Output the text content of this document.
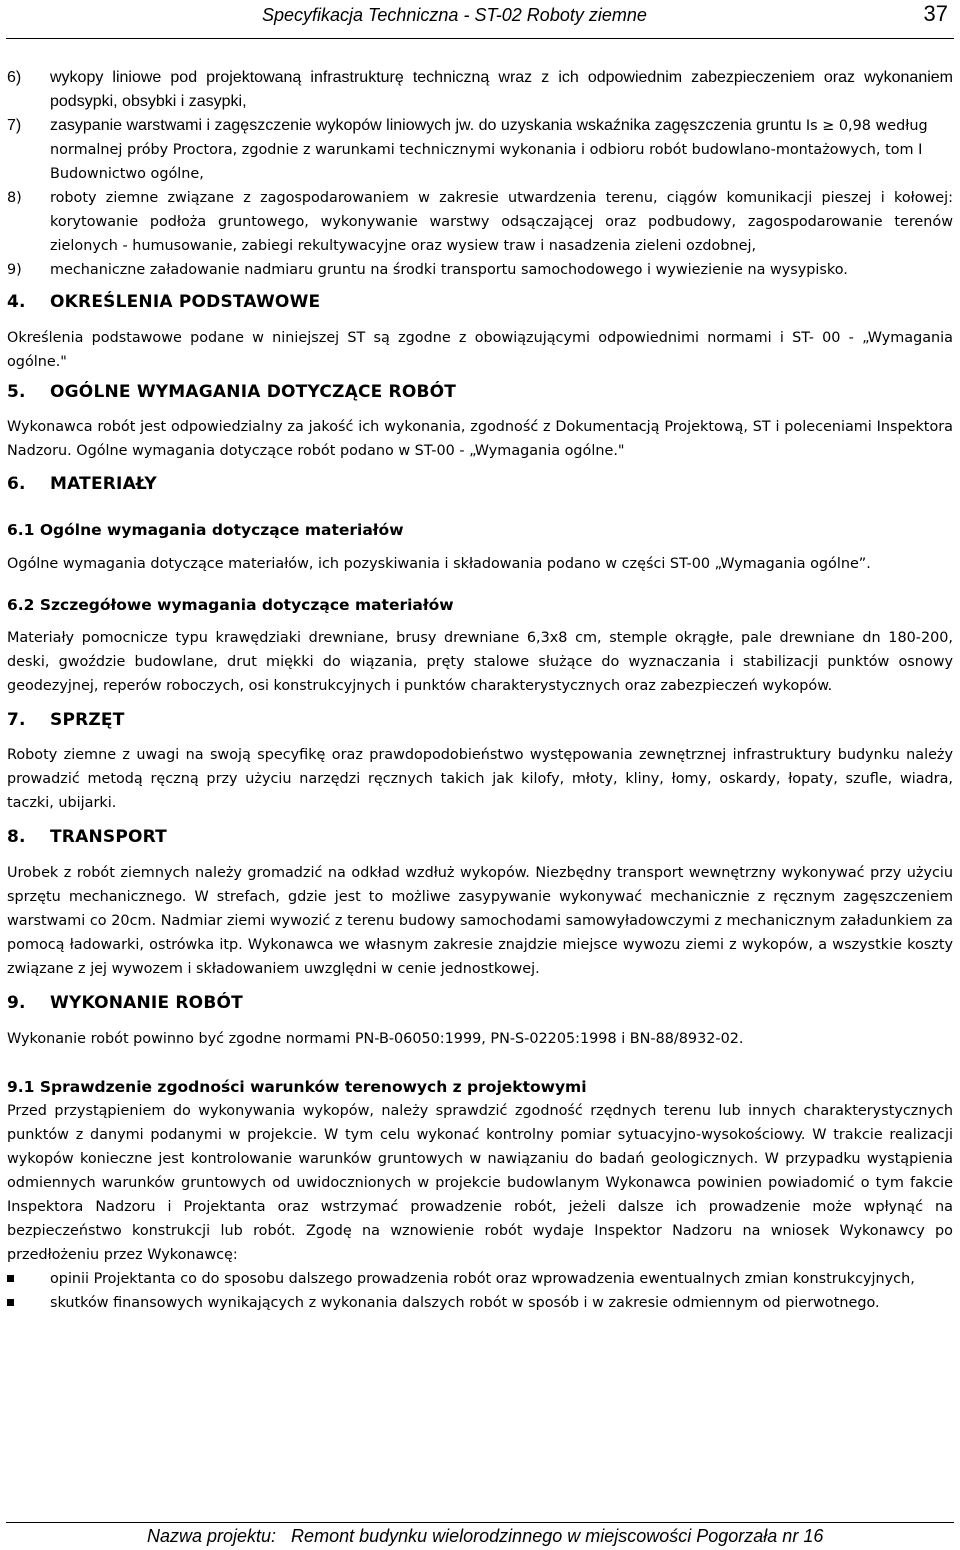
Specyfikacja Techniczna - ST-02 Roboty ziemne	37
6)	wykopy liniowe pod projektowaną infrastrukturę techniczną wraz z ich odpowiednim zabezpieczeniem oraz wykonaniem podsypki, obsybki i zasypki,
7)	zasypanie warstwami i zagęszczenie wykopów liniowych jw. do uzyskania wskaźnika zagęszczenia gruntu Is ≥ 0,98 według normalnej próby Proctora, zgodnie z warunkami technicznymi wykonania i odbioru robót budowlano-montażowych, tom I Budownictwo ogólne,
8)	roboty ziemne związane z zagospodarowaniem w zakresie utwardzenia terenu, ciągów komunikacji pieszej i kołowej: korytowanie podłoża gruntowego, wykonywanie warstwy odsączającej oraz podbudowy, zagospodarowanie terenów zielonych - humusowanie, zabiegi rekultywacyjne oraz wysiew traw i nasadzenia zieleni ozdobnej,
9)	mechaniczne załadowanie nadmiaru gruntu na środki transportu samochodowego i wywiezienie na wysypisko.
4.	OKREŚLENIA PODSTAWOWE

Określenia podstawowe podane w niniejszej ST są zgodne z obowiązującymi odpowiednimi normami i ST- 00 - „Wymagania ogólne."

5.	OGÓLNE WYMAGANIA DOTYCZĄCE ROBÓT

Wykonawca robót jest odpowiedzialny za jakość ich wykonania, zgodność z Dokumentacją Projektową, ST i poleceniami Inspektora Nadzoru. Ogólne wymagania dotyczące robót podano w ST-00 - „Wymagania ogólne."

6.	MATERIAŁY
6.1 Ogólne wymagania dotyczące materiałów

Ogólne wymagania dotyczące materiałów, ich pozyskiwania i składowania podano w części ST-00 „Wymagania ogólne”.

6.2 Szczegółowe wymagania dotyczące materiałów

Materiały pomocnicze typu krawędziaki drewniane, brusy drewniane 6,3x8 cm, stemple okrągłe, pale drewniane dn 180-200, deski, gwoździe budowlane, drut miękki do wiązania, pręty stalowe służące do wyznaczania i stabilizacji punktów osnowy geodezyjnej, reperów roboczych, osi konstrukcyjnych i punktów charakterystycznych oraz zabezpieczeń wykopów.

7.	SPRZĘT

Roboty ziemne z uwagi na swoją specyfikę oraz prawdopodobieństwo występowania zewnętrznej infrastruktury budynku należy prowadzić metodą ręczną przy użyciu narzędzi ręcznych takich jak kilofy, młoty, kliny, łomy, oskardy, łopaty, szufle, wiadra, taczki, ubijarki.

8.	TRANSPORT

Urobek z robót ziemnych należy gromadzić na odkład wzdłuż wykopów. Niezbędny transport wewnętrzny wykonywać przy użyciu sprzętu mechanicznego. W strefach, gdzie jest to możliwe zasypywanie wykonywać mechanicznie z ręcznym zagęszczeniem warstwami co 20cm. Nadmiar ziemi wywozić z terenu budowy samochodami samowyładowczymi z mechanicznym załadunkiem za pomocą ładowarki, ostrówka itp. Wykonawca we własnym zakresie znajdzie miejsce wywozu ziemi z wykopów, a wszystkie koszty związane z jej wywozem i składowaniem uwzględni w cenie jednostkowej.

9.	WYKONANIE ROBÓT

Wykonanie robót powinno być zgodne normami PN-B-06050:1999, PN-S-02205:1998 i BN-88/8932-02.

9.1 Sprawdzenie zgodności warunków terenowych z projektowymi

Przed przystąpieniem do wykonywania wykopów, należy sprawdzić zgodność rzędnych terenu lub innych charakterystycznych punktów z danymi podanymi w projekcie. W tym celu wykonać kontrolny pomiar sytuacyjno-wysokościowy. W trakcie realizacji wykopów konieczne jest kontrolowanie warunków gruntowych w nawiązaniu do badań geologicznych. W przypadku wystąpienia odmiennych warunków gruntowych od uwidocznionych w projekcie budowlanym Wykonawca powinien powiadomić o tym fakcie Inspektora Nadzoru i Projektanta oraz wstrzymać prowadzenie robót, jeżeli dalsze ich prowadzenie może wpłynąć na bezpieczeństwo konstrukcji lub robót. Zgodę na wznowienie robót wydaje Inspektor Nadzoru na wniosek Wykonawcy po przedłożeniu przez Wykonawcę:

opinii Projektanta co do sposobu dalszego prowadzenia robót oraz wprowadzenia ewentualnych zmian konstrukcyjnych,
skutków finansowych wynikających z wykonania dalszych robót w sposób i w zakresie odmiennym od pierwotnego.
Nazwa projektu:   Remont budynku wielorodzinnego w miejscowości Pogorzała nr 16
